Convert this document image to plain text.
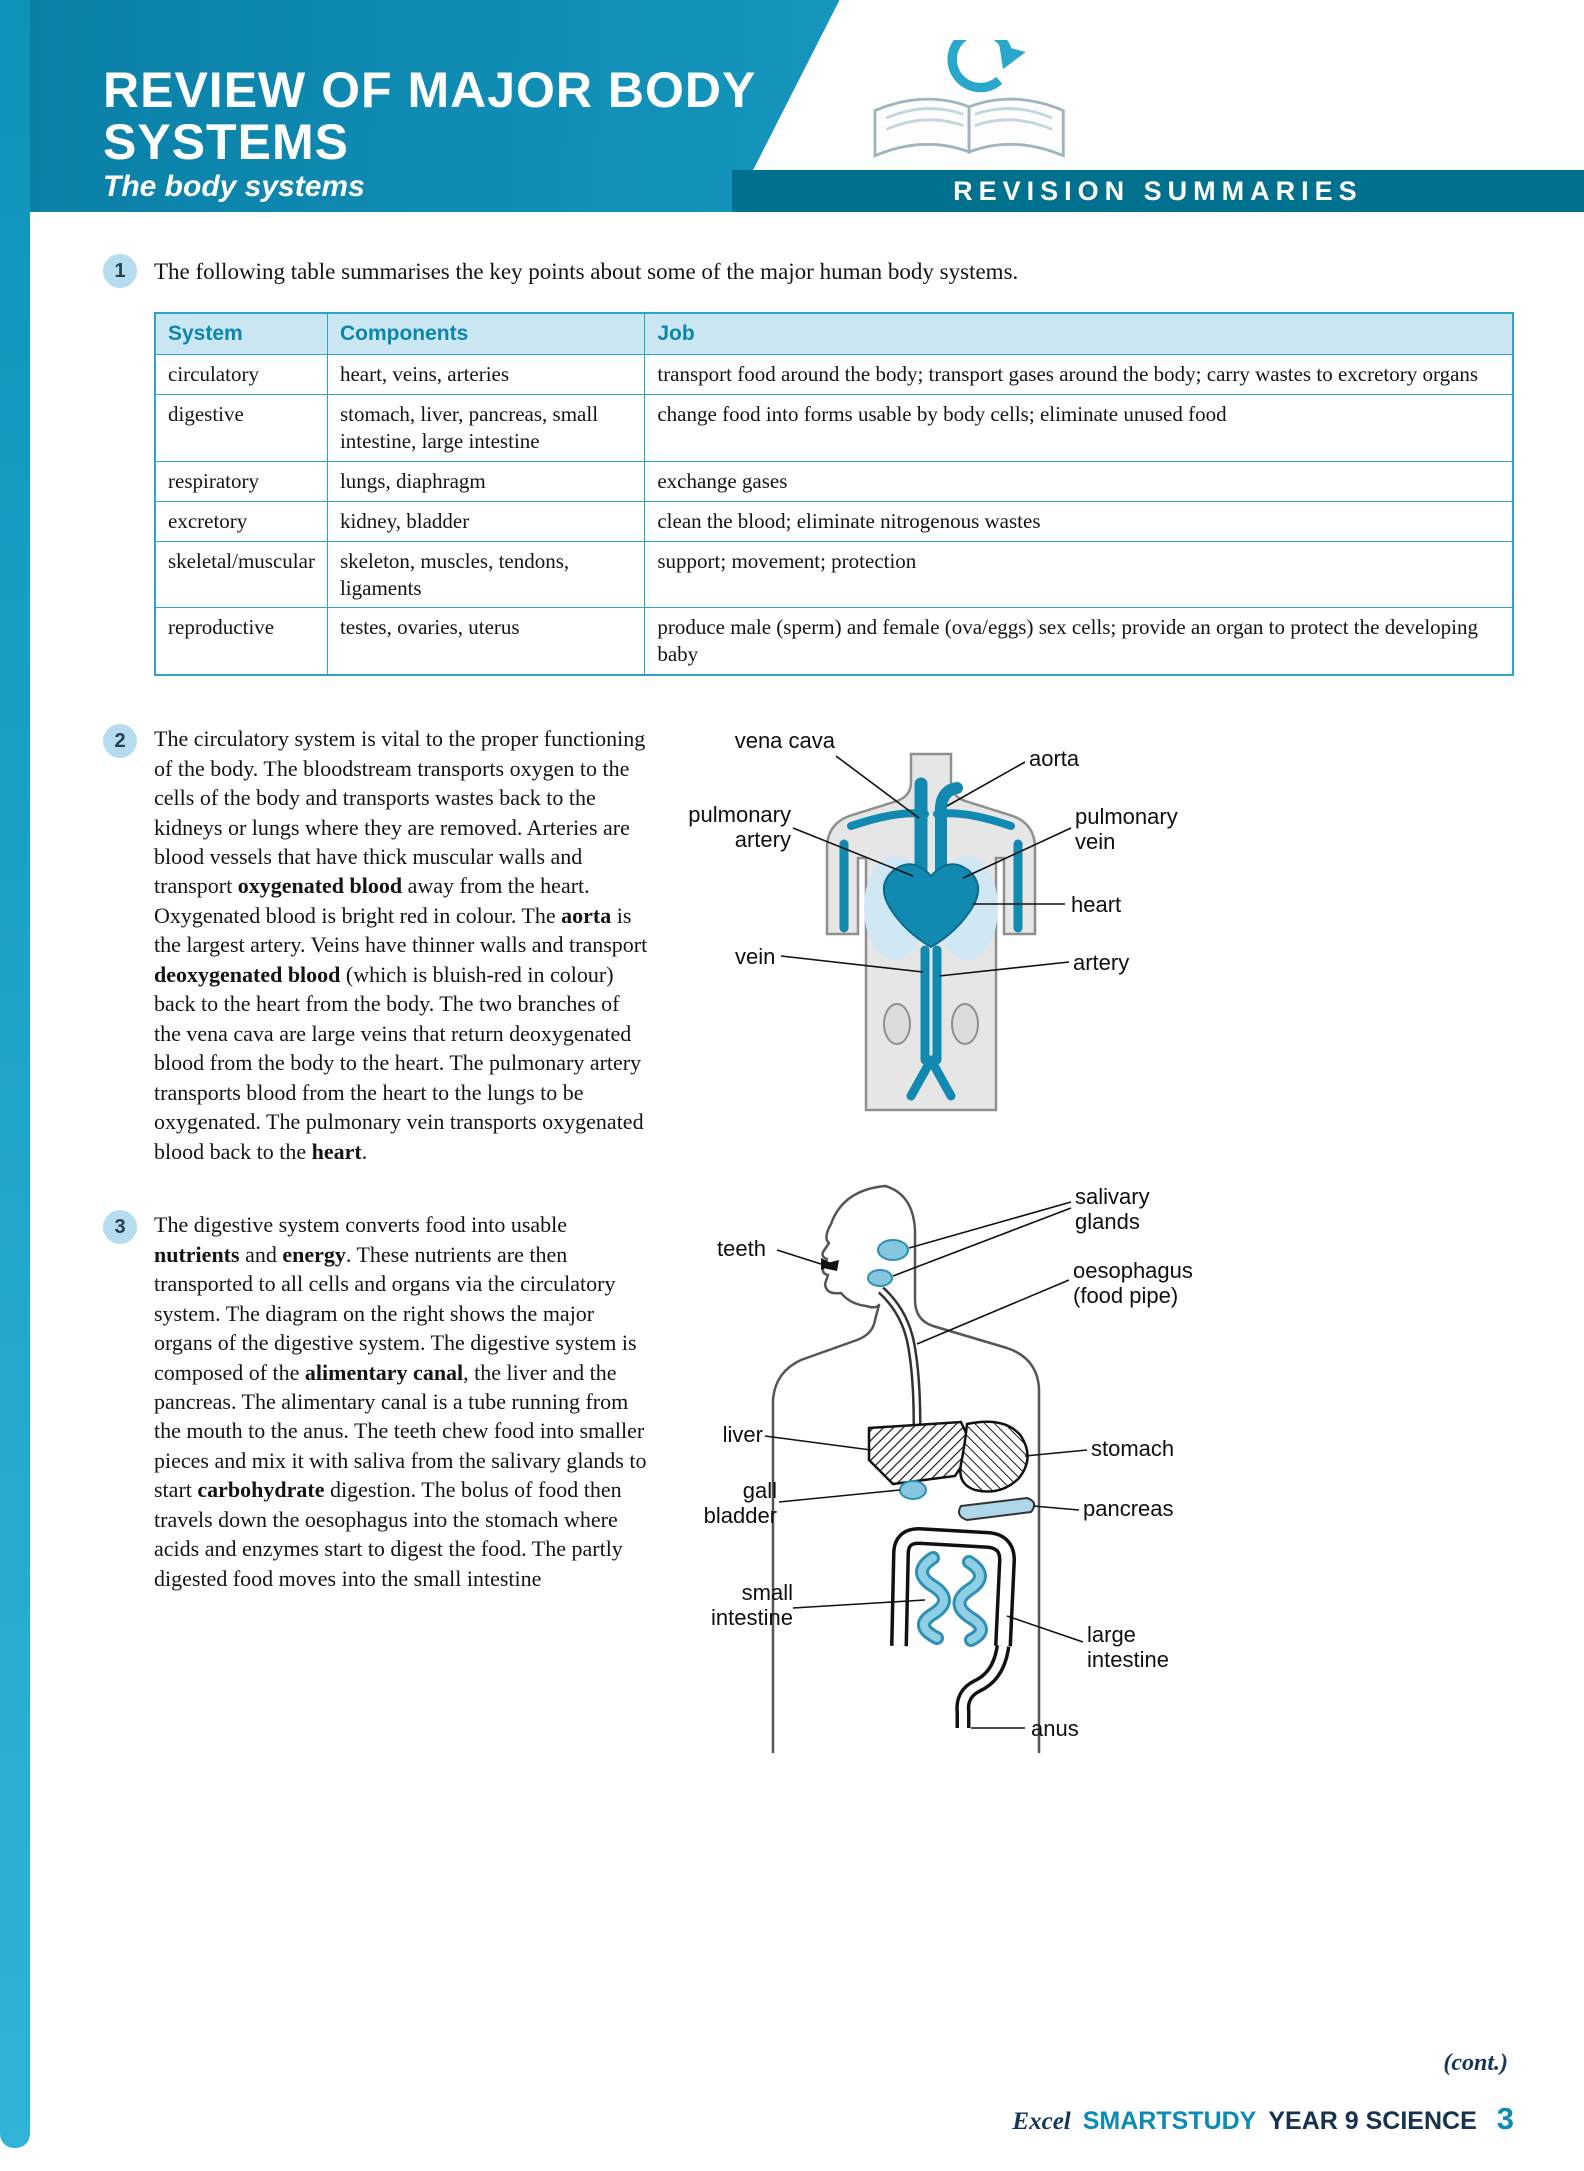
REVIEW OF MAJOR BODY
SYSTEMS
The body systems	REVISION SUMMARIES
1	The following table summarises the key points about some of the major human body systems.

System	Components	Job
circulatory	heart, veins, arteries	transport food around the body; transport gases around the body; carry wastes to excretory organs
digestive	stomach, liver, pancreas, small intestine, large intestine	change food into forms usable by body cells; eliminate unused food
respiratory	lungs, diaphragm	exchange gases
excretory	kidney, bladder	clean the blood; eliminate nitrogenous wastes
skeletal/muscular	skeleton, muscles, tendons, ligaments	support; movement; protection
reproductive	testes, ovaries, uterus	produce male (sperm) and female (ova/eggs) sex cells; provide an organ to protect the developing baby
2	The circulatory system is vital to the proper functioning of the body. The bloodstream transports oxygen to the cells of the body and transports wastes back to the kidneys or lungs where they are removed. Arteries are blood vessels that have thick muscular walls and transport oxygenated blood away from the heart. Oxygenated blood is bright red in colour. The aorta is the largest artery. Veins have thinner walls and transport deoxygenated blood (which is bluish-red in colour) back to the heart from the body. The two branches of the vena cava are large veins that return deoxygenated blood from the body to the heart. The pulmonary artery transports blood from the heart to the lungs to be oxygenated. The pulmonary vein transports oxygenated blood back to the heart.

3	The digestive system converts food into usable nutrients and energy. These nutrients are then transported to all cells and organs via the circulatory system. The diagram on the right shows the major organs of the digestive system. The digestive system is composed of the alimentary canal, the liver and the pancreas. The alimentary canal is a tube running from the mouth to the anus. The teeth chew food into smaller pieces and mix it with saliva from the salivary glands to start carbohydrate digestion. The bolus of food then travels down the oesophagus into the stomach where acids and enzymes start to digest the food. The partly digested food moves into the small intestine

vena cava
aorta
pulmonary artery
pulmonary vein
heart
vein	artery
salivary glands
teeth
oesophagus (food pipe)
liver
stomach
gall bladder	pancreas
small intestine
large intestine
anus
(cont.)
Excel SMARTSTUDY YEAR 9 SCIENCE 3
